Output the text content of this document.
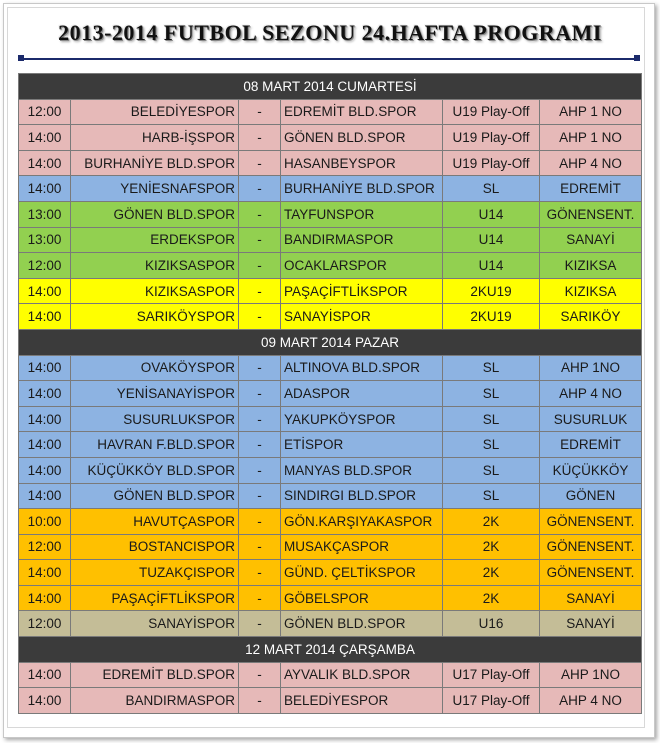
2013-2014 FUTBOL SEZONU 24.HAFTA PROGRAMI
08 MART 2014 CUMARTESİ					
12:00	BELEDİYESPOR	-	EDREMİT BLD.SPOR	U19 Play-Off	AHP 1 NO
14:00	HARB-İŞSPOR	-	GÖNEN BLD.SPOR	U19 Play-Off	AHP 1 NO
14:00	BURHANİYE BLD.SPOR	-	HASANBEYSPOR	U19 Play-Off	AHP 4 NO
14:00	YENİESNAFSPOR	-	BURHANİYE BLD.SPOR	SL	EDREMİT
13:00	GÖNEN BLD.SPOR	-	TAYFUNSPOR	U14	GÖNENSENT.
13:00	ERDEKSPOR	-	BANDIRMASPOR	U14	SANAYİ
12:00	KIZIKSASPOR	-	OCAKLARSPOR	U14	KIZIKSA
14:00	KIZIKSASPOR	-	PAŞAÇİFTLİKSPOR	2KU19	KIZIKSA
14:00	SARIKÖYSPOR	-	SANAYİSPOR	2KU19	SARIKÖY
09 MART 2014 PAZAR					
14:00	OVAKÖYSPOR	-	ALTINOVA BLD.SPOR	SL	AHP 1NO
14:00	YENİSANAYİSPOR	-	ADASPOR	SL	AHP 4 NO
14:00	SUSURLUKSPOR	-	YAKUPKÖYSPOR	SL	SUSURLUK
14:00	HAVRAN F.BLD.SPOR	-	ETİSPOR	SL	EDREMİT
14:00	KÜÇÜKKÖY BLD.SPOR	-	MANYAS BLD.SPOR	SL	KÜÇÜKKÖY
14:00	GÖNEN BLD.SPOR	-	SINDIRGI BLD.SPOR	SL	GÖNEN
10:00	HAVUTÇASPOR	-	GÖN.KARŞIYAKASPOR	2K	GÖNENSENT.
12:00	BOSTANCISPOR	-	MUSAKÇASPOR	2K	GÖNENSENT.
14:00	TUZAKÇISPOR	-	GÜND. ÇELTİKSPOR	2K	GÖNENSENT.
14:00	PAŞAÇİFTLİKSPOR	-	GÖBELSPOR	2K	SANAYİ
12:00	SANAYİSPOR	-	GÖNEN BLD.SPOR	U16	SANAYİ
12 MART 2014 ÇARŞAMBA					
14:00	EDREMİT BLD.SPOR	-	AYVALIK BLD.SPOR	U17 Play-Off	AHP 1NO
14:00	BANDIRMASPOR	-	BELEDİYESPOR	U17 Play-Off	AHP 4 NO
